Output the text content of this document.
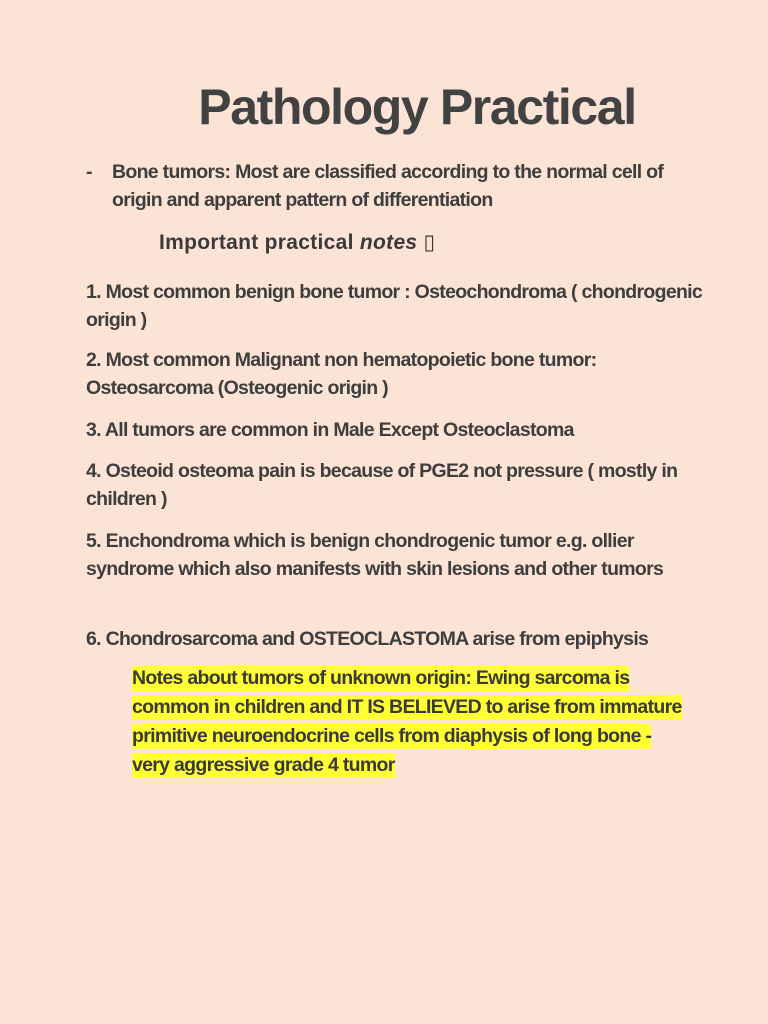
Pathology Practical
- Bone tumors: Most are classified according to the normal cell of origin and apparent pattern of differentiation
Important practical notes ▯
1. Most common benign bone tumor : Osteochondroma ( chondrogenic origin )
2. Most common Malignant non hematopoietic bone tumor: Osteosarcoma (Osteogenic origin )
3. All tumors are common in Male Except Osteoclastoma
4. Osteoid osteoma pain is because of PGE2 not pressure ( mostly in children )
5. Enchondroma which is benign chondrogenic tumor e.g. ollier syndrome which also manifests with skin lesions and other tumors
6. Chondrosarcoma and OSTEOCLASTOMA arise from epiphysis
Notes about tumors of unknown origin: Ewing sarcoma is common in children and IT IS BELIEVED to arise from immature primitive neuroendocrine cells from diaphysis of long bone - very aggressive grade 4 tumor
